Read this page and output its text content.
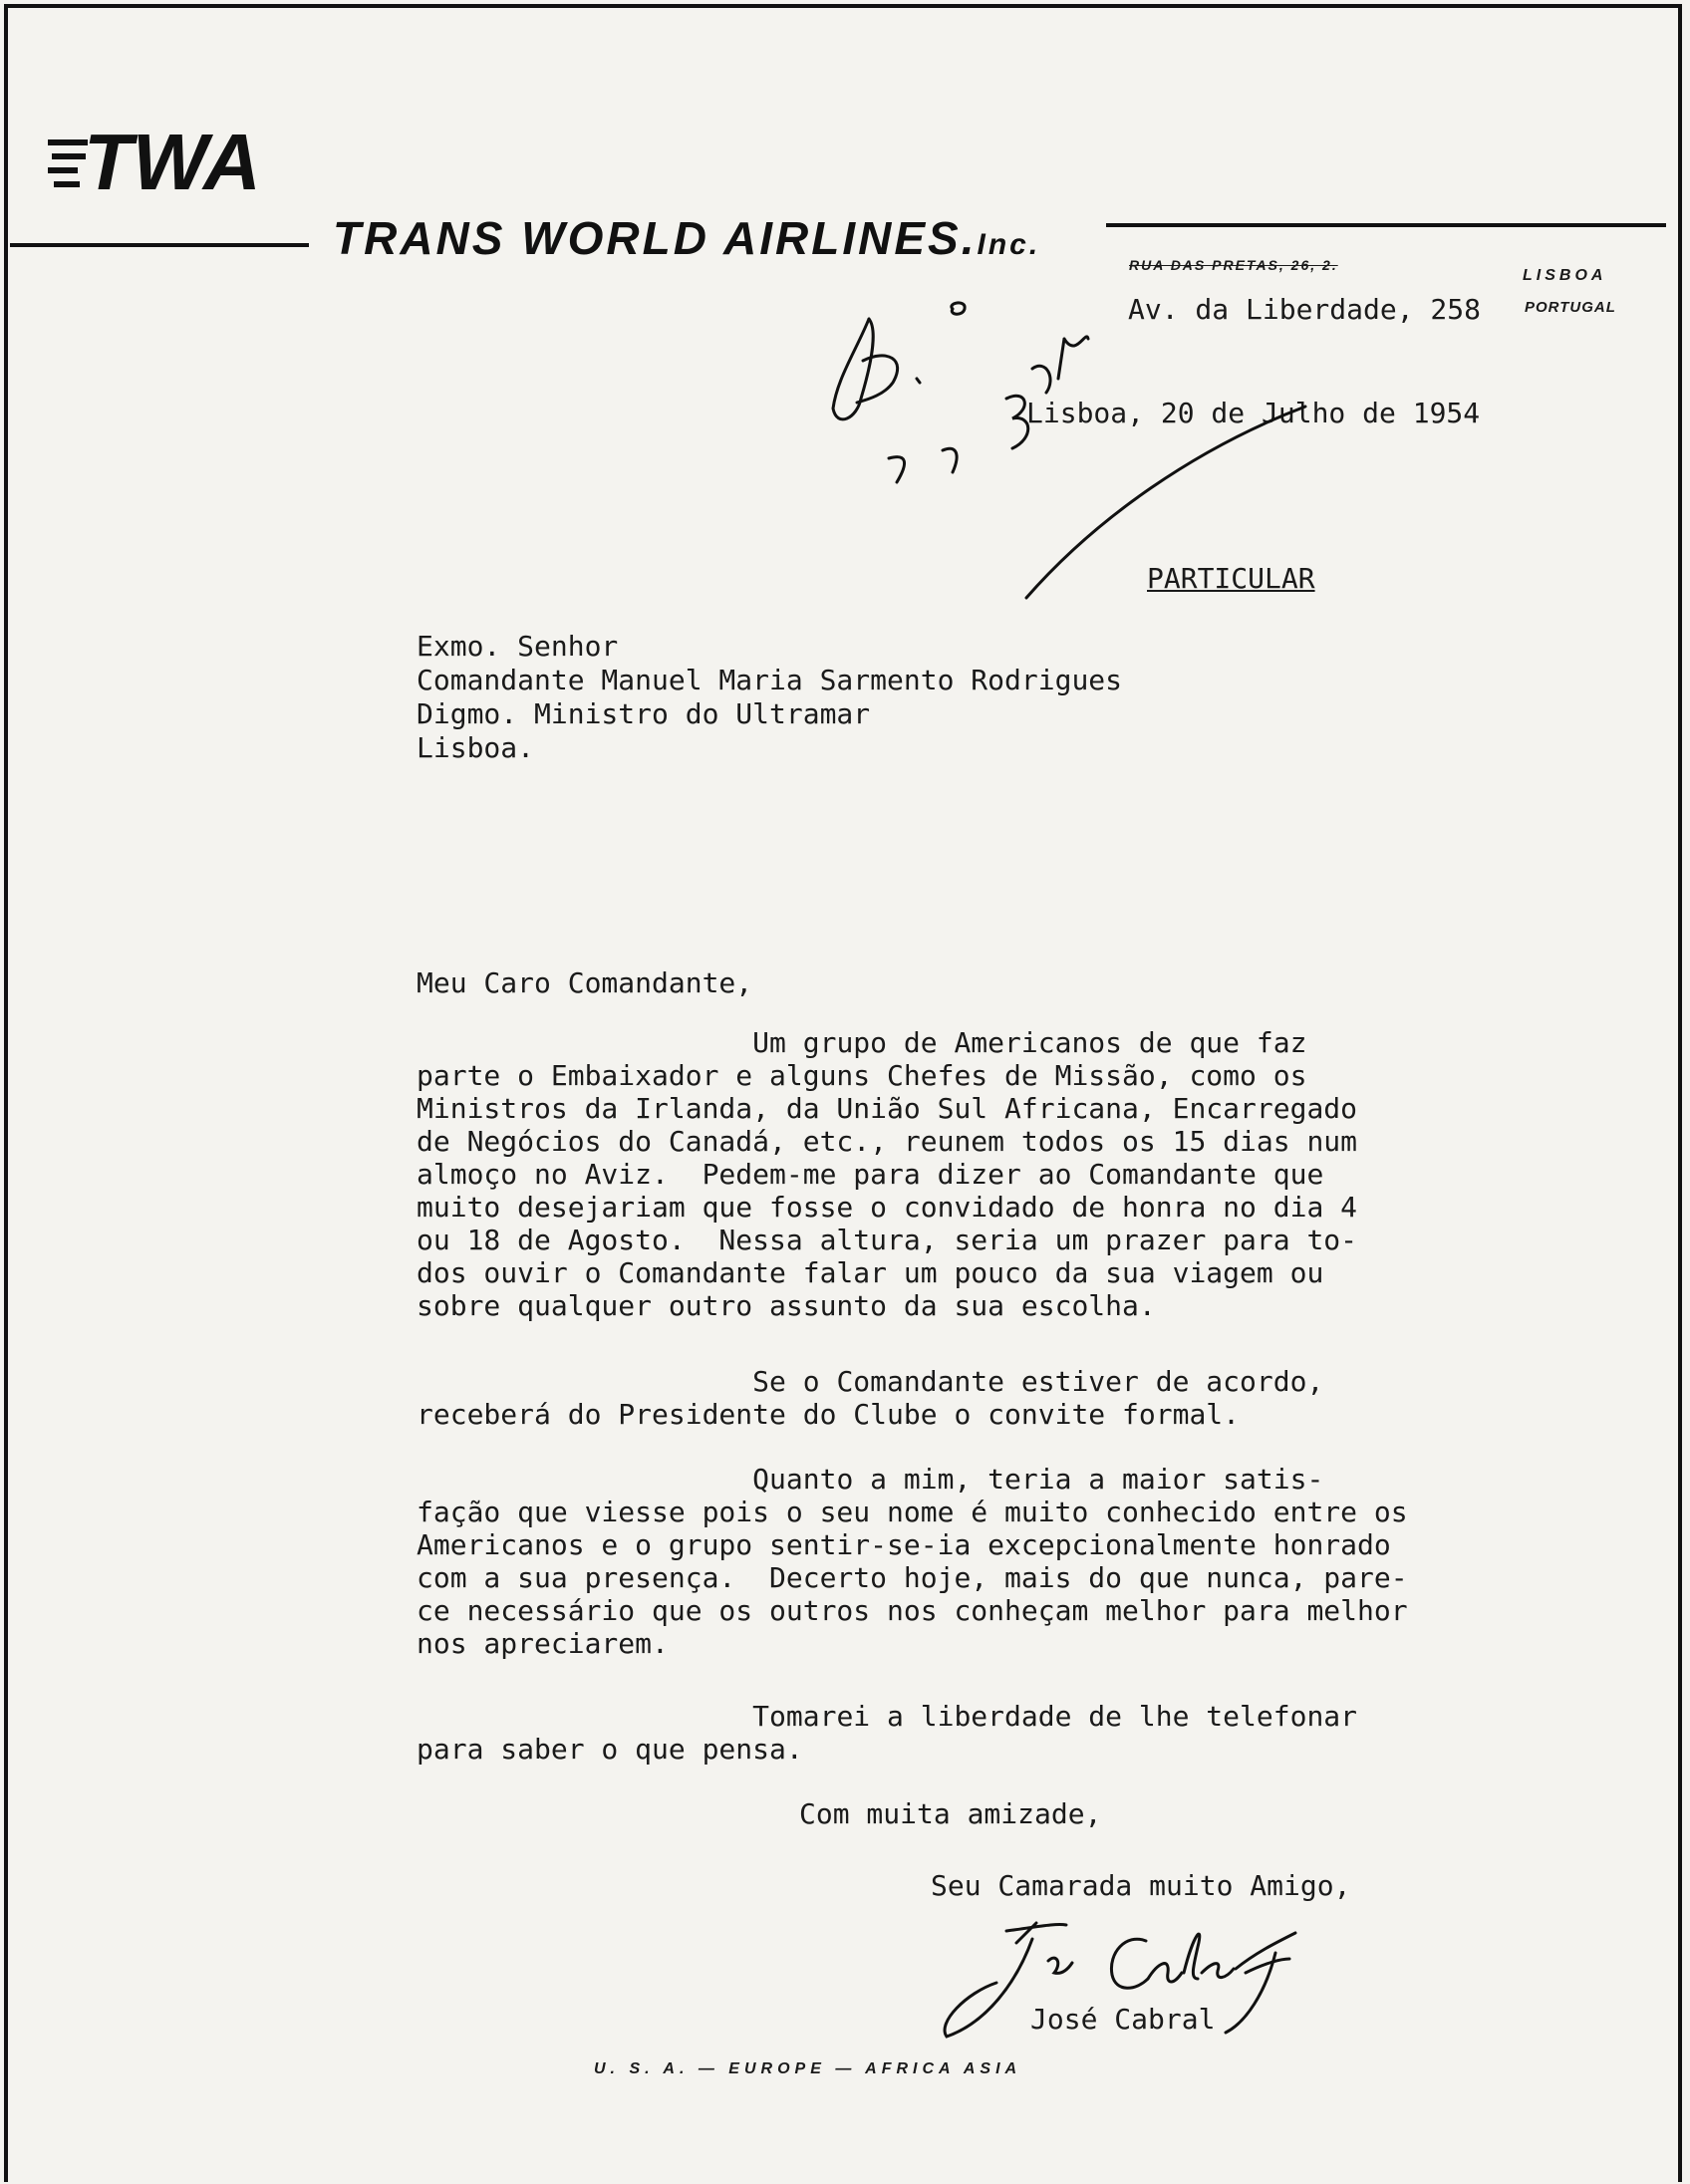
TWA
TRANS WORLD AIRLINES.Inc.
RUA DAS PRETAS, 26, 2.
LISBOA
Av. da Liberdade, 258	PORTUGAL
Lisboa, 20 de Julho de 1954
PARTICULAR
Exmo. Senhor
Comandante Manuel Maria Sarmento Rodrigues
Digmo. Ministro do Ultramar
Lisboa.
Meu Caro Comandante,
Um grupo de Americanos de que faz
parte o Embaixador e alguns Chefes de Missão, como os
Ministros da Irlanda, da União Sul Africana, Encarregado
de Negócios do Canadá, etc., reunem todos os 15 dias num
almoço no Aviz.  Pedem-me para dizer ao Comandante que
muito desejariam que fosse o convidado de honra no dia 4
ou 18 de Agosto.  Nessa altura, seria um prazer para to-
dos ouvir o Comandante falar um pouco da sua viagem ou
sobre qualquer outro assunto da sua escolha.
Se o Comandante estiver de acordo,
receberá do Presidente do Clube o convite formal.
Quanto a mim, teria a maior satis-
fação que viesse pois o seu nome é muito conhecido entre os
Americanos e o grupo sentir-se-ia excepcionalmente honrado
com a sua presença.  Decerto hoje, mais do que nunca, pare-
ce necessário que os outros nos conheçam melhor para melhor
nos apreciarem.
Tomarei a liberdade de lhe telefonar
para saber o que pensa.
Com muita amizade,
Seu Camarada muito Amigo,
José Cabral
U. S. A. — EUROPE — AFRICA ASIA
